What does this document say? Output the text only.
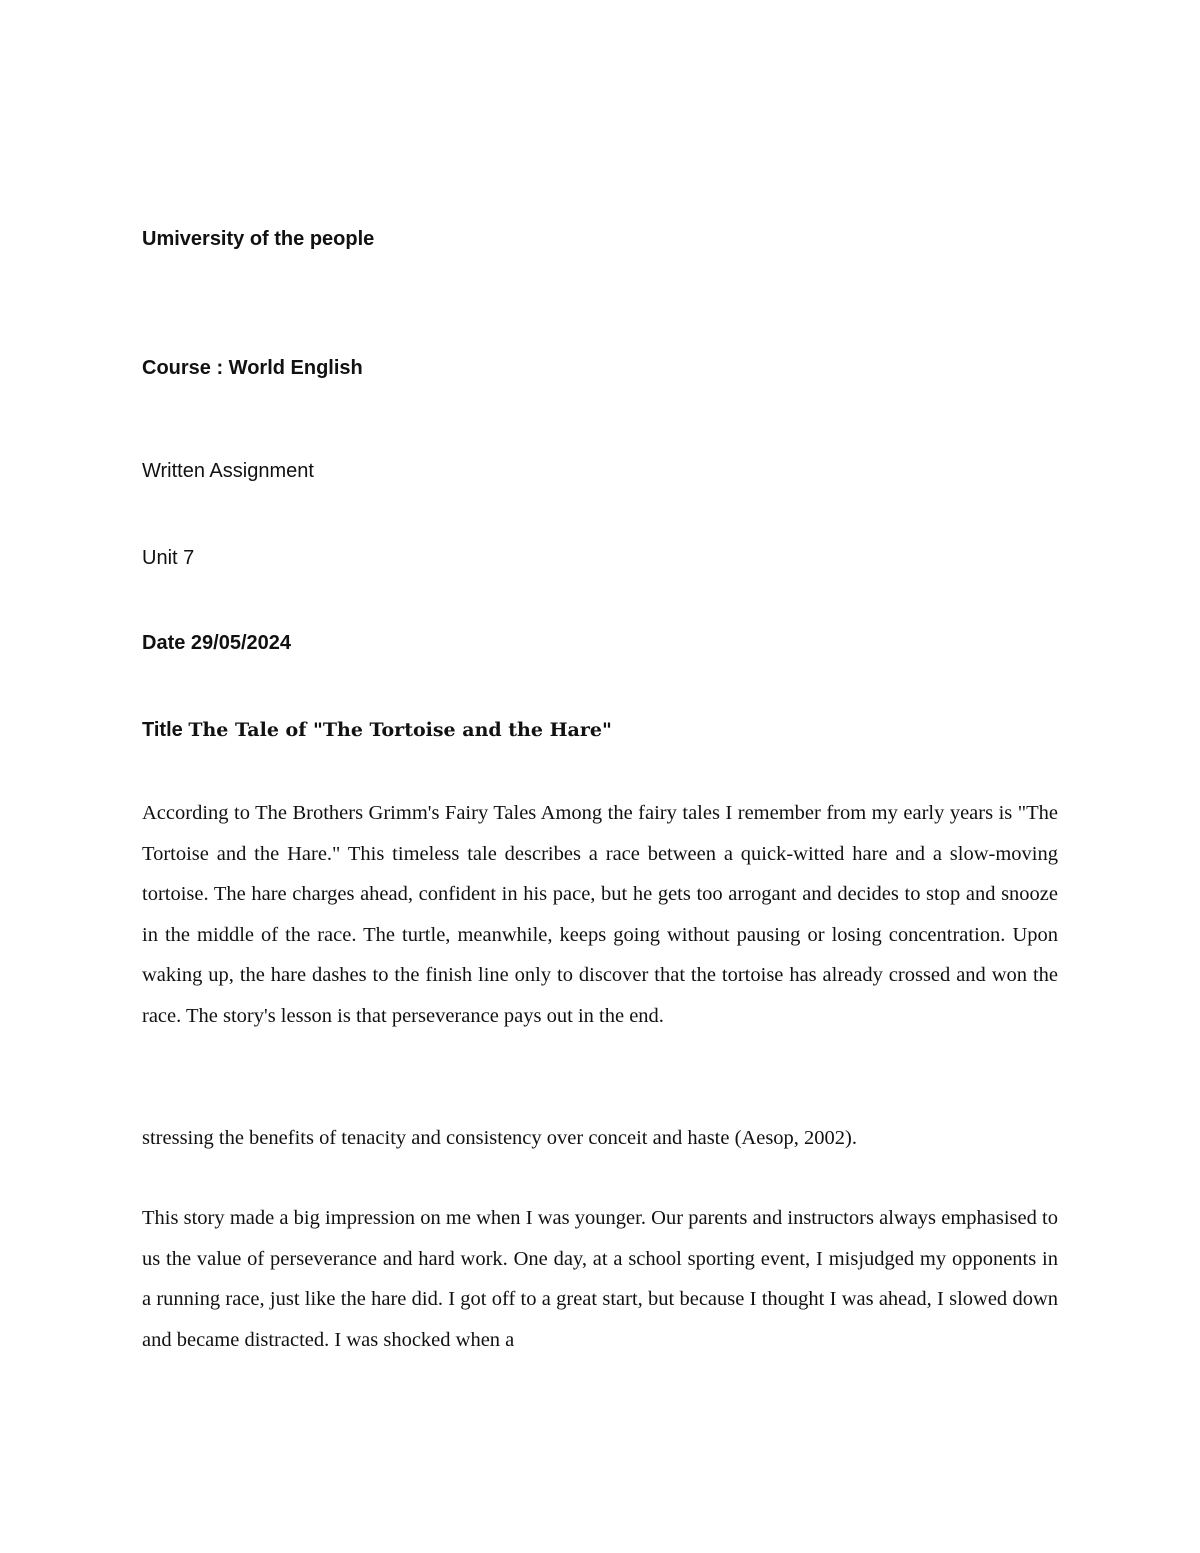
Umiversity of the people

Course : World English

Written Assignment

Unit 7

Date 29/05/2024

Title The Tale of "The Tortoise and the Hare"

According to The Brothers Grimm's Fairy Tales Among the fairy tales I remember from my early years is "The Tortoise and the Hare." This timeless tale describes a race between a quick-witted hare and a slow-moving tortoise. The hare charges ahead, confident in his pace, but he gets too arrogant and decides to stop and snooze in the middle of the race. The turtle, meanwhile, keeps going without pausing or losing concentration. Upon waking up, the hare dashes to the finish line only to discover that the tortoise has already crossed and won the race. The story's lesson is that perseverance pays out in the end.

stressing the benefits of tenacity and consistency over conceit and haste (Aesop, 2002).

This story made a big impression on me when I was younger. Our parents and instructors always emphasised to us the value of perseverance and hard work. One day, at a school sporting event, I misjudged my opponents in a running race, just like the hare did. I got off to a great start, but because I thought I was ahead, I slowed down and became distracted. I was shocked when a
